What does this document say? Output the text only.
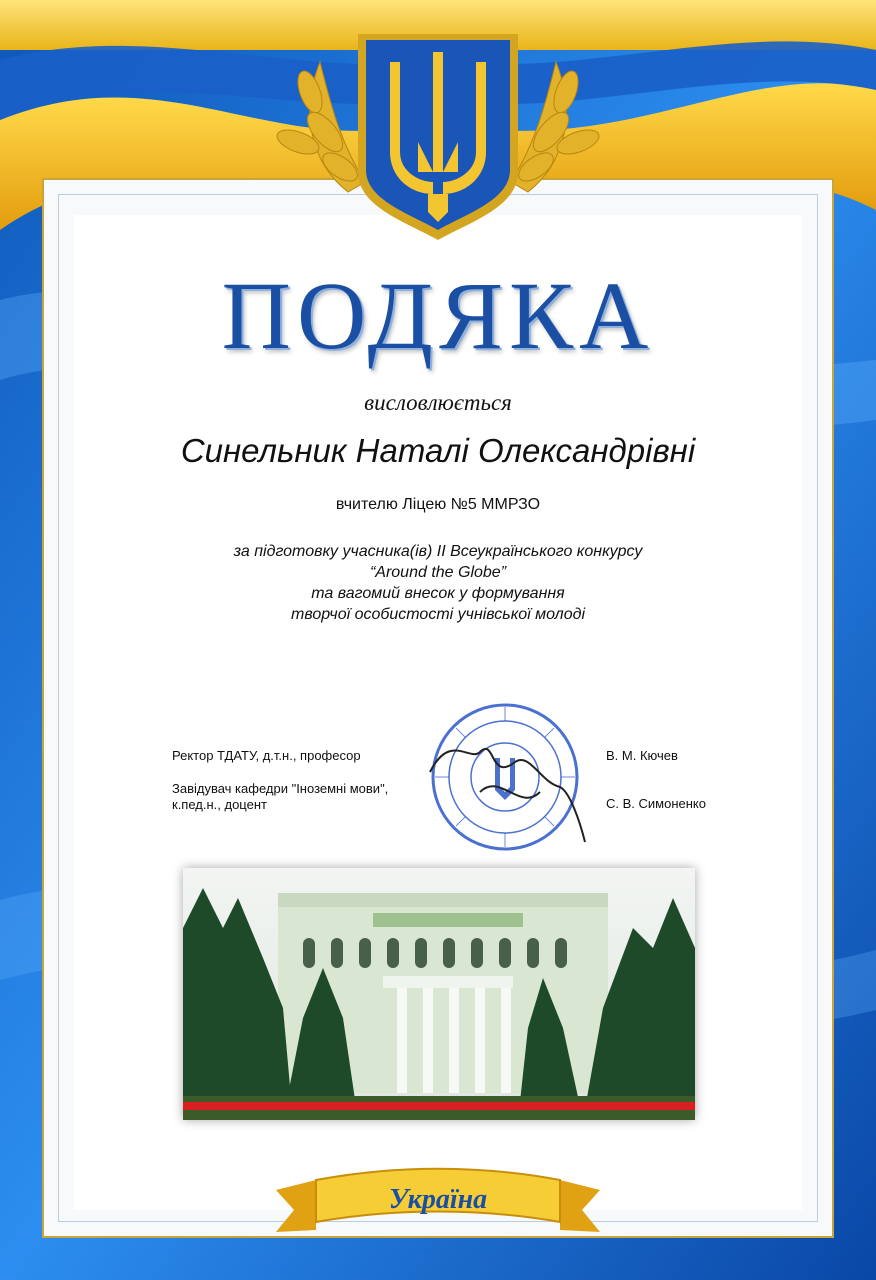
ПОДЯКА
висловлюється
Синельник Наталі Олександрівні
вчителю Ліцею №5 ММРЗО
за підготовку учасника(ів) ІІ Всеукраїнського конкурсу
“Around the Globe”
та вагомий внесок у формування
творчої особистості учнівської молоді
Ректор ТДАТУ, д.т.н., професор	В. М. Кючев
Завідувач кафедри "Іноземні мови",
к.пед.н., доцент	С. В. Симоненко
Україна
